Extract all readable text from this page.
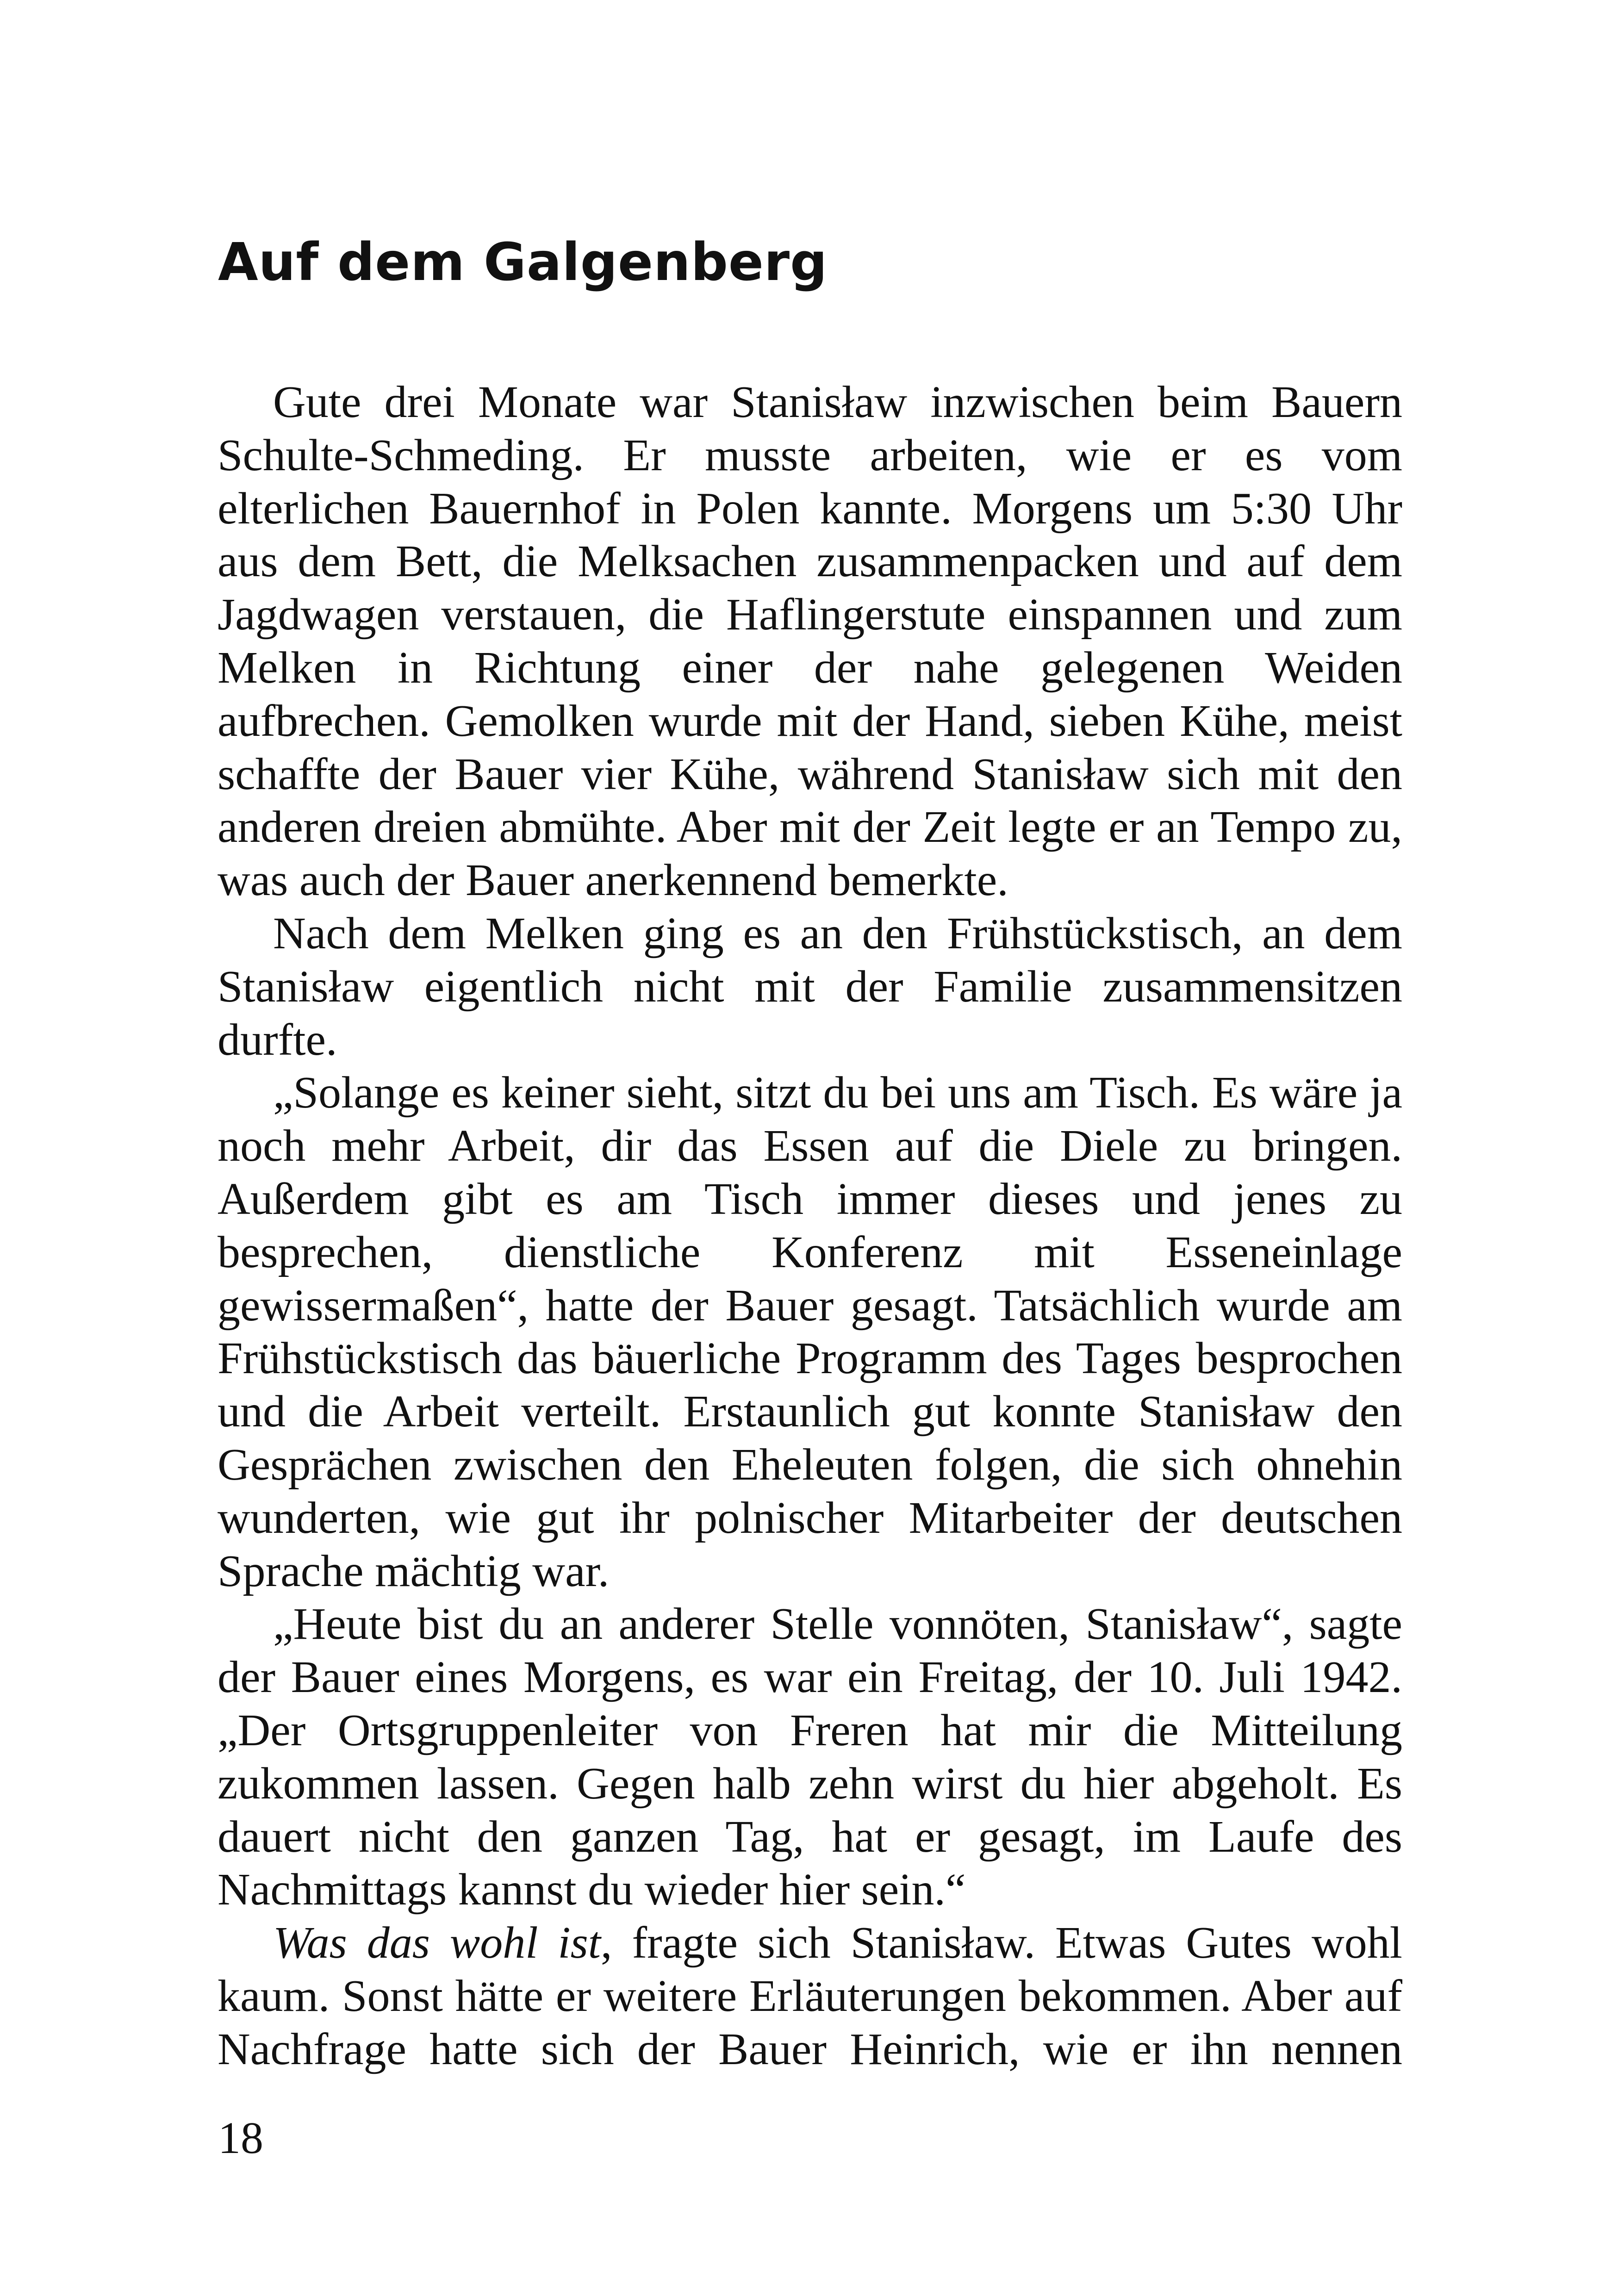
Auf dem Galgenberg

Gute drei Monate war Stanisław inzwischen beim Bauern Schulte-Schmeding. Er musste arbeiten, wie er es vom elterlichen Bauernhof in Polen kannte. Morgens um 5:30 Uhr aus dem Bett, die Melksachen zusammenpacken und auf dem Jagdwagen verstauen, die Haflingerstute einspannen und zum Melken in Richtung einer der nahe gelegenen Weiden aufbrechen. Gemolken wurde mit der Hand, sieben Kühe, meist schaffte der Bauer vier Kühe, während Stanisław sich mit den anderen dreien abmühte. Aber mit der Zeit legte er an Tempo zu, was auch der Bauer anerkennend bemerkte.

Nach dem Melken ging es an den Frühstückstisch, an dem Stanisław eigentlich nicht mit der Familie zusammensitzen durfte.

„Solange es keiner sieht, sitzt du bei uns am Tisch. Es wäre ja noch mehr Arbeit, dir das Essen auf die Diele zu bringen. Außerdem gibt es am Tisch immer dieses und jenes zu besprechen, dienstliche Konferenz mit Esseneinlage gewissermaßen“, hatte der Bauer gesagt. Tatsächlich wurde am Frühstückstisch das bäuerliche Programm des Tages besprochen und die Arbeit verteilt. Erstaunlich gut konnte Stanisław den Gesprächen zwischen den Eheleuten folgen, die sich ohnehin wunderten, wie gut ihr polnischer Mitarbeiter der deutschen Sprache mächtig war.

„Heute bist du an anderer Stelle vonnöten, Stanisław“, sagte der Bauer eines Morgens, es war ein Freitag, der 10. Juli 1942. „Der Ortsgruppenleiter von Freren hat mir die Mitteilung zukommen lassen. Gegen halb zehn wirst du hier abgeholt. Es dauert nicht den ganzen Tag, hat er gesagt, im Laufe des Nachmittags kannst du wieder hier sein.“

Was das wohl ist, fragte sich Stanisław. Etwas Gutes wohl kaum. Sonst hätte er weitere Erläuterungen bekommen. Aber auf Nachfrage hatte sich der Bauer Heinrich, wie er ihn nennen

18
